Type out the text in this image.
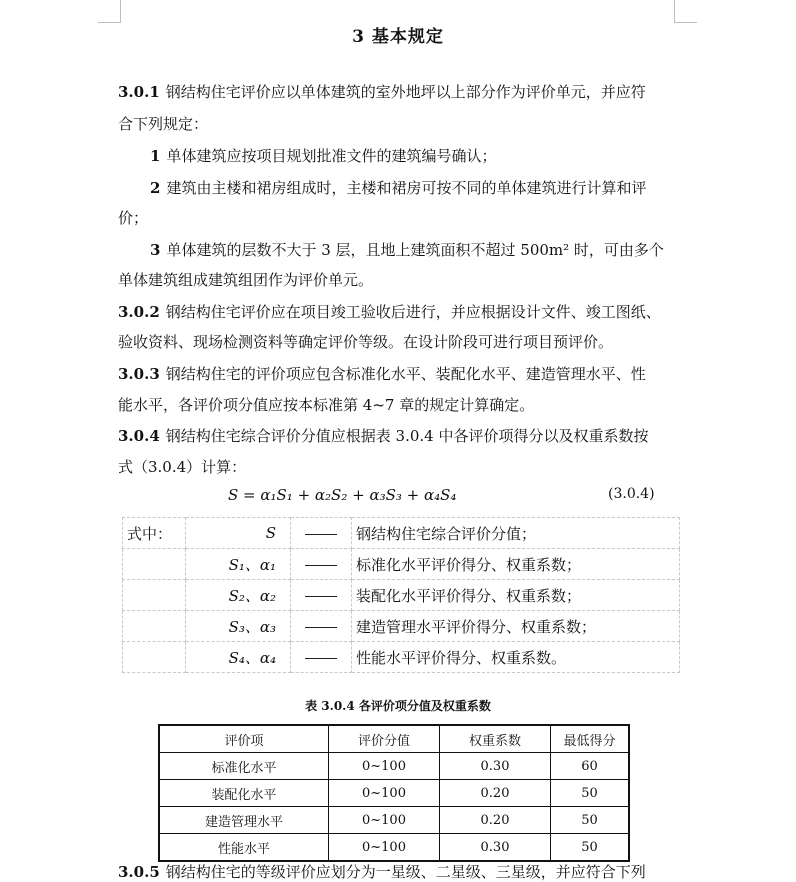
3 基本规定
3.0.1 钢结构住宅评价应以单体建筑的室外地坪以上部分作为评价单元，并应符
合下列规定：
1 单体建筑应按项目规划批准文件的建筑编号确认；
2 建筑由主楼和裙房组成时，主楼和裙房可按不同的单体建筑进行计算和评
价；
3 单体建筑的层数不大于 3 层，且地上建筑面积不超过 500m² 时，可由多个
单体建筑组成建筑组团作为评价单元。
3.0.2 钢结构住宅评价应在项目竣工验收后进行，并应根据设计文件、竣工图纸、
验收资料、现场检测资料等确定评价等级。在设计阶段可进行项目预评价。
3.0.3 钢结构住宅的评价项应包含标准化水平、装配化水平、建造管理水平、性
能水平，各评价项分值应按本标准第 4~7 章的规定计算确定。
3.0.4 钢结构住宅综合评价分值应根据表 3.0.4 中各评价项得分以及权重系数按
式（3.0.4）计算：
S = α₁S₁ + α₂S₂ + α₃S₃ + α₄S₄	(3.0.4)
式中：	S		钢结构住宅综合评价分值；
	S₁、α₁		标准化水平评价得分、权重系数；
	S₂、α₂		装配化水平评价得分、权重系数；
	S₃、α₃		建造管理水平评价得分、权重系数；
	S₄、α₄		性能水平评价得分、权重系数。
表 3.0.4 各评价项分值及权重系数
评价项	评价分值	权重系数	最低得分
标准化水平	0~100	0.30	60
装配化水平	0~100	0.20	50
建造管理水平	0~100	0.20	50
性能水平	0~100	0.30	50
3.0.5 钢结构住宅的等级评价应划分为一星级、二星级、三星级，并应符合下列
